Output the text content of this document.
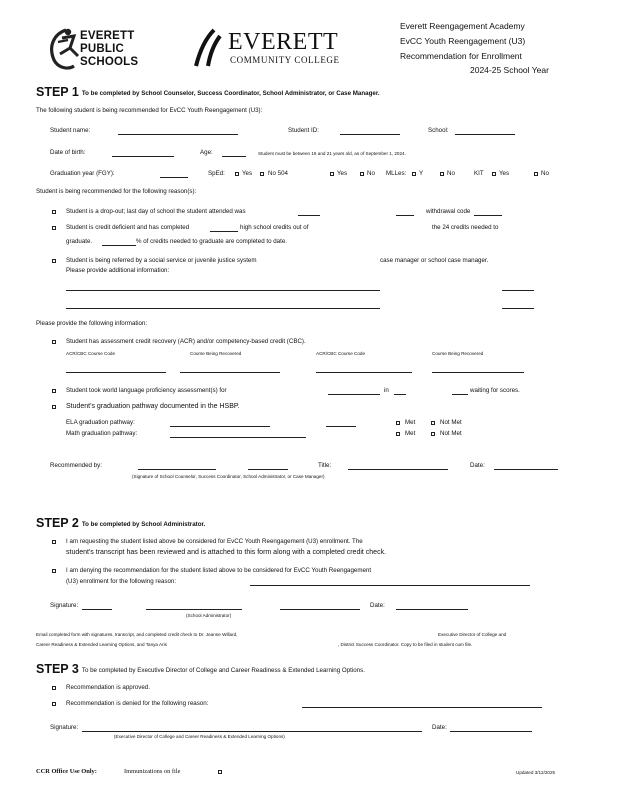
EVERETT
PUBLIC
SCHOOLS
EVERETT
COMMUNITY COLLEGE
Everett Reengagement Academy
EvCC Youth Reengagement (U3)
Recommendation for Enrollment
2024-25 School Year
STEP 1 To be completed by School Counselor, Success Coordinator, School Administrator, or Case Manager.
The following student is being recommended for EvCC Youth Reengagement (U3):
Student name:	Student ID:	School:
Date of birth:	Age:	Student must be between 16 and 21 years old, as of September 1, 2024.
Graduation year (FGY):	SpEd:	Yes	No 504	Yes	No MLLes: Y	No	KIT Yes	No
Student is being recommended for the following reason(s):
Student is a drop-out; last day of school the student attended was	withdrawal code
Student is credit deficient and has completed	high school credits out of	the 24 credits needed to
graduate.	% of credits needed to graduate are completed to date.
Student is being referred by a social service or juvenile justice system	case manager or school case manager.
Please provide additional information:
Please provide the following information:
Student has assessment credit recovery (ACR) and/or competency-based credit (CBC).
ACR/CBC Course Code	Course Being Recovered	ACR/CBC Course Code	Course Being Recovered
Student took world language proficiency assessment(s) for	in	waiting for scores.
Student's graduation pathway documented in the HSBP.
ELA graduation pathway:	Met	Not Met
Math graduation pathway:	Met	Not Met
Recommended by:	Title:	Date:
(Signature of School Counselor, Success Coordinator, School Administrator, or Case Manager)
STEP 2 To be completed by School Administrator.
I am requesting the student listed above be considered for EvCC Youth Reengagement (U3) enrollment. The
student's transcript has been reviewed and is attached to this form along with a completed credit check.
I am denying the recommendation for the student listed above to be considered for EvCC Youth Reengagement
(U3) enrollment for the following reason:
Signature:	Date:
(School Administrator)
Email completed form with signatures, transcript, and completed credit check to Dr. Jeanne Willard,	Executive Director of College and
Career Readiness & Extended Learning Options, and Tanya Aris	, District Success Coordinator. Copy to be filed in student cum file.
STEP 3 To be completed by Executive Director of College and Career Readiness & Extended Learning Options.
Recommendation is approved.
Recommendation is denied for the following reason:
Signature:	Date:
(Executive Director of College and Career Readiness & Extended Learning Options)
CCR Office Use Only:	Immunizations on file	Updated 3/12/2025
